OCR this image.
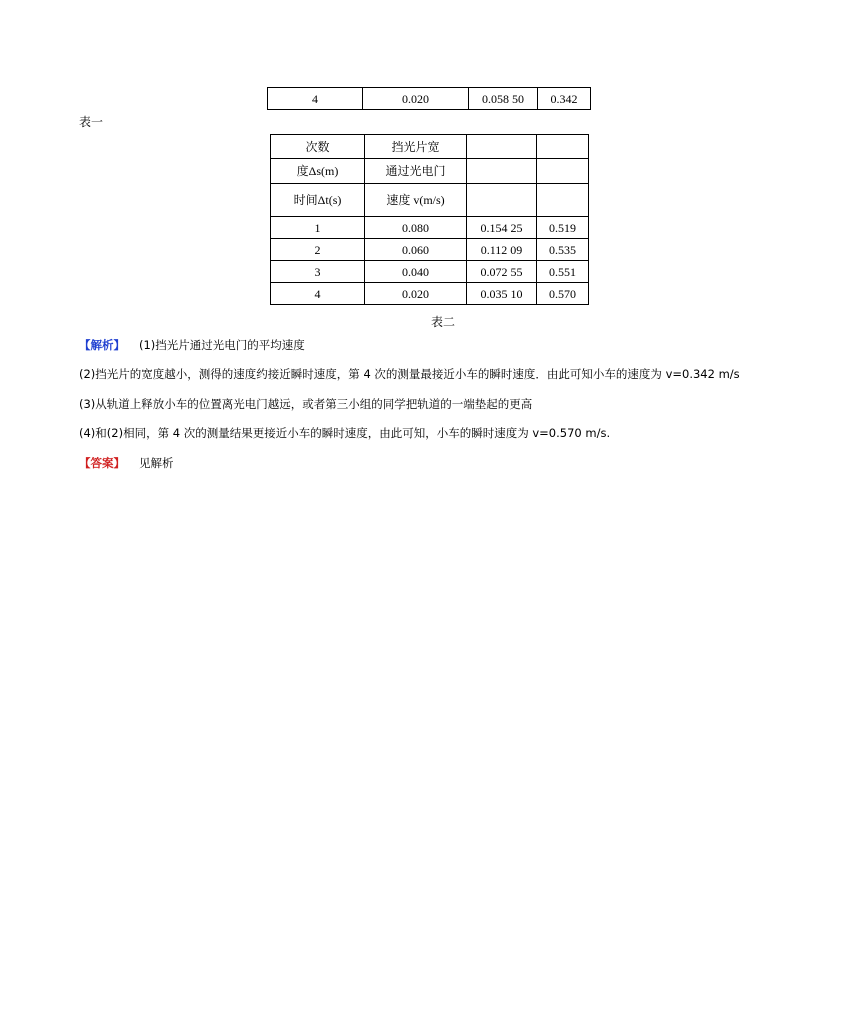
4	0.020	0.058 50	0.342
表一
次数	挡光片宽		
度Δs(m)	通过光电门		
时间Δt(s)	速度 v(m/s)		
1	0.080	0.154 25	0.519
2	0.060	0.112 09	0.535
3	0.040	0.072 55	0.551
4	0.020	0.035 10	0.570
表二
【解析】 (1)挡光片通过光电门的平均速度
(2)挡光片的宽度越小，测得的速度约接近瞬时速度，第 4 次的测量最接近小车的瞬时速度．由此可知小车的速度为 v=0.342 m/s
(3)从轨道上释放小车的位置离光电门越远，或者第三小组的同学把轨道的一端垫起的更高
(4)和(2)相同，第 4 次的测量结果更接近小车的瞬时速度，由此可知，小车的瞬时速度为 v=0.570 m/s.
【答案】 见解析
